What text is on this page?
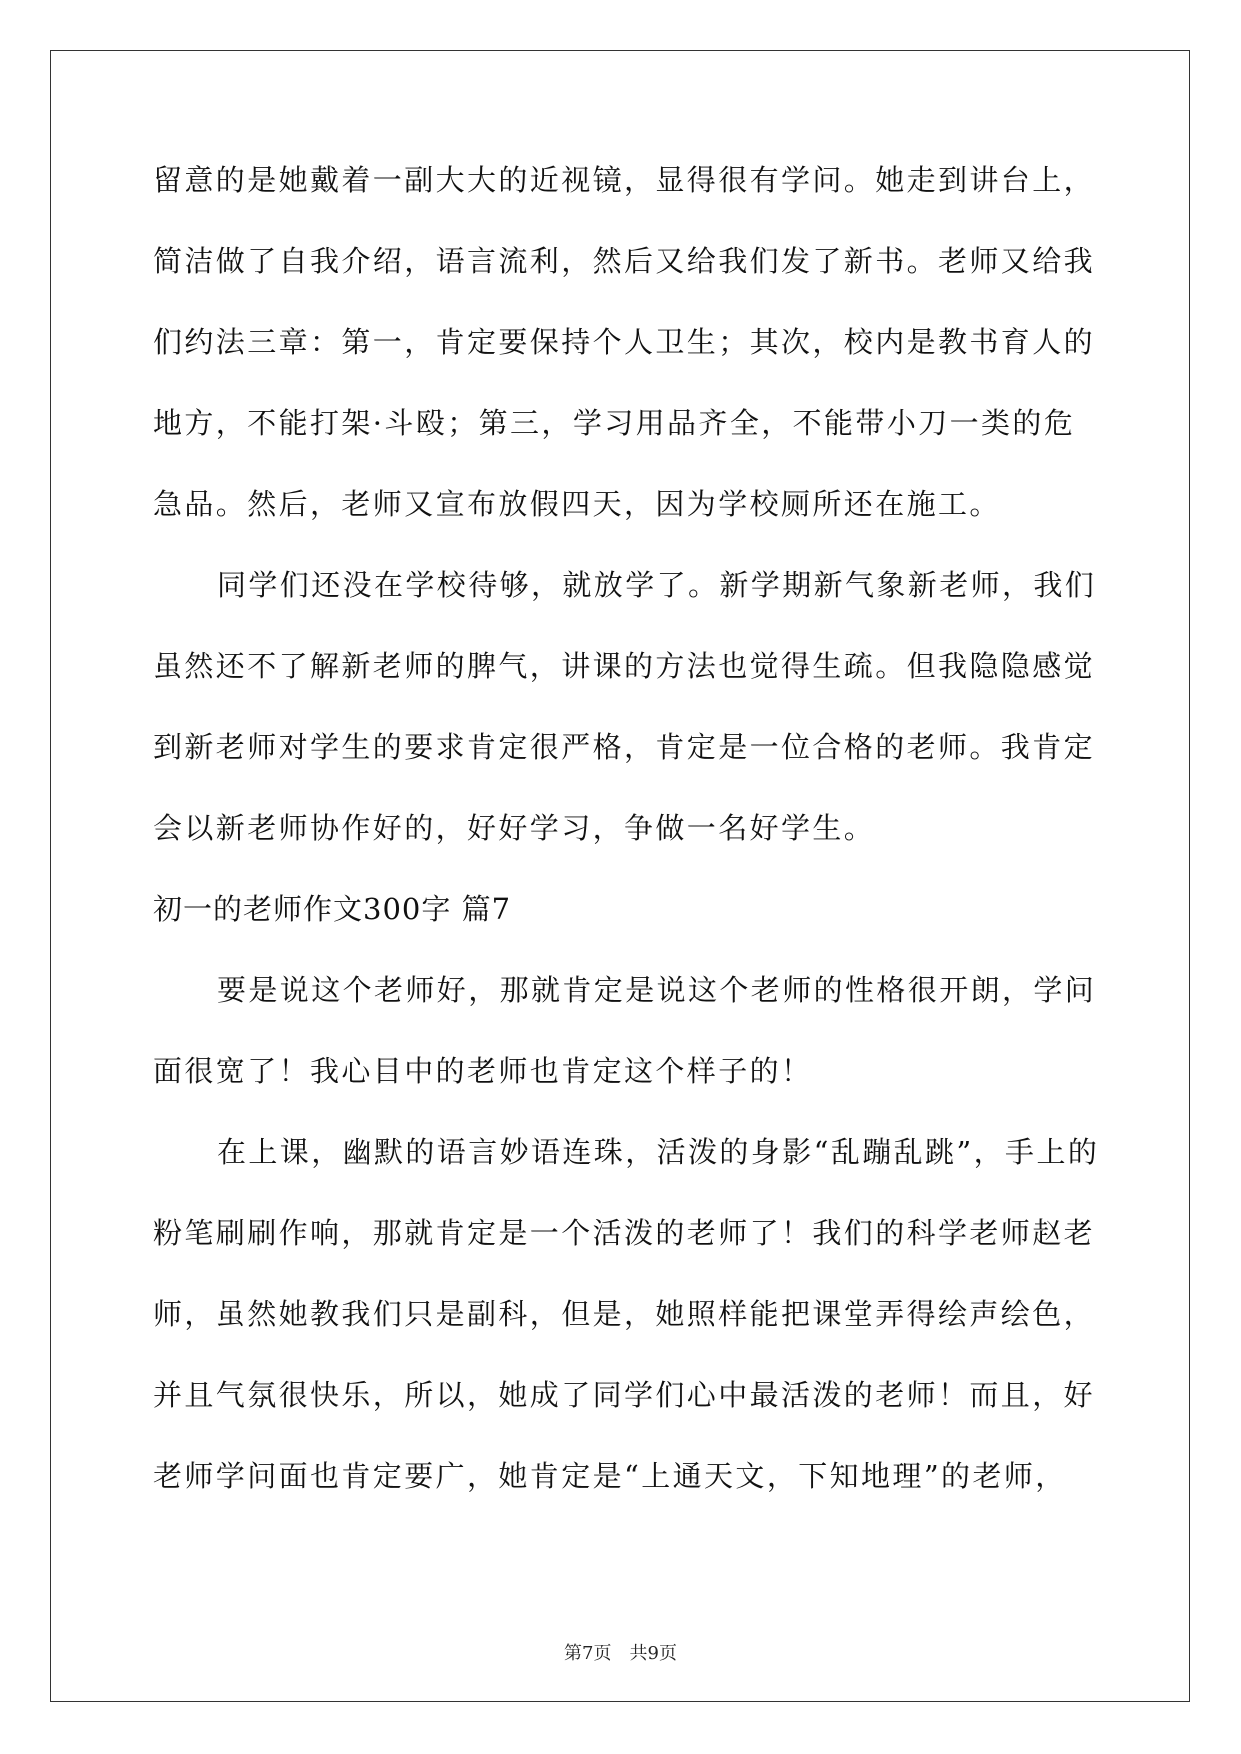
留意的是她戴着一副大大的近视镜，显得很有学问。她走到讲台上，
简洁做了自我介绍，语言流利，然后又给我们发了新书。老师又给我
们约法三章：第一，肯定要保持个人卫生；其次，校内是教书育人的
地方，不能打架·斗殴；第三，学习用品齐全，不能带小刀一类的危
急品。然后，老师又宣布放假四天，因为学校厕所还在施工。
同学们还没在学校待够，就放学了。新学期新气象新老师，我们
虽然还不了解新老师的脾气，讲课的方法也觉得生疏。但我隐隐感觉
到新老师对学生的要求肯定很严格，肯定是一位合格的老师。我肯定
会以新老师协作好的，好好学习，争做一名好学生。
初一的老师作文300字 篇7
要是说这个老师好，那就肯定是说这个老师的性格很开朗，学问
面很宽了！我心目中的老师也肯定这个样子的！
在上课，幽默的语言妙语连珠，活泼的身影“乱蹦乱跳”，手上的
粉笔刷刷作响，那就肯定是一个活泼的老师了！我们的科学老师赵老
师，虽然她教我们只是副科，但是，她照样能把课堂弄得绘声绘色，
并且气氛很快乐，所以，她成了同学们心中最活泼的老师！而且，好
老师学问面也肯定要广，她肯定是“上通天文，下知地理”的老师，
第7页　共9页
